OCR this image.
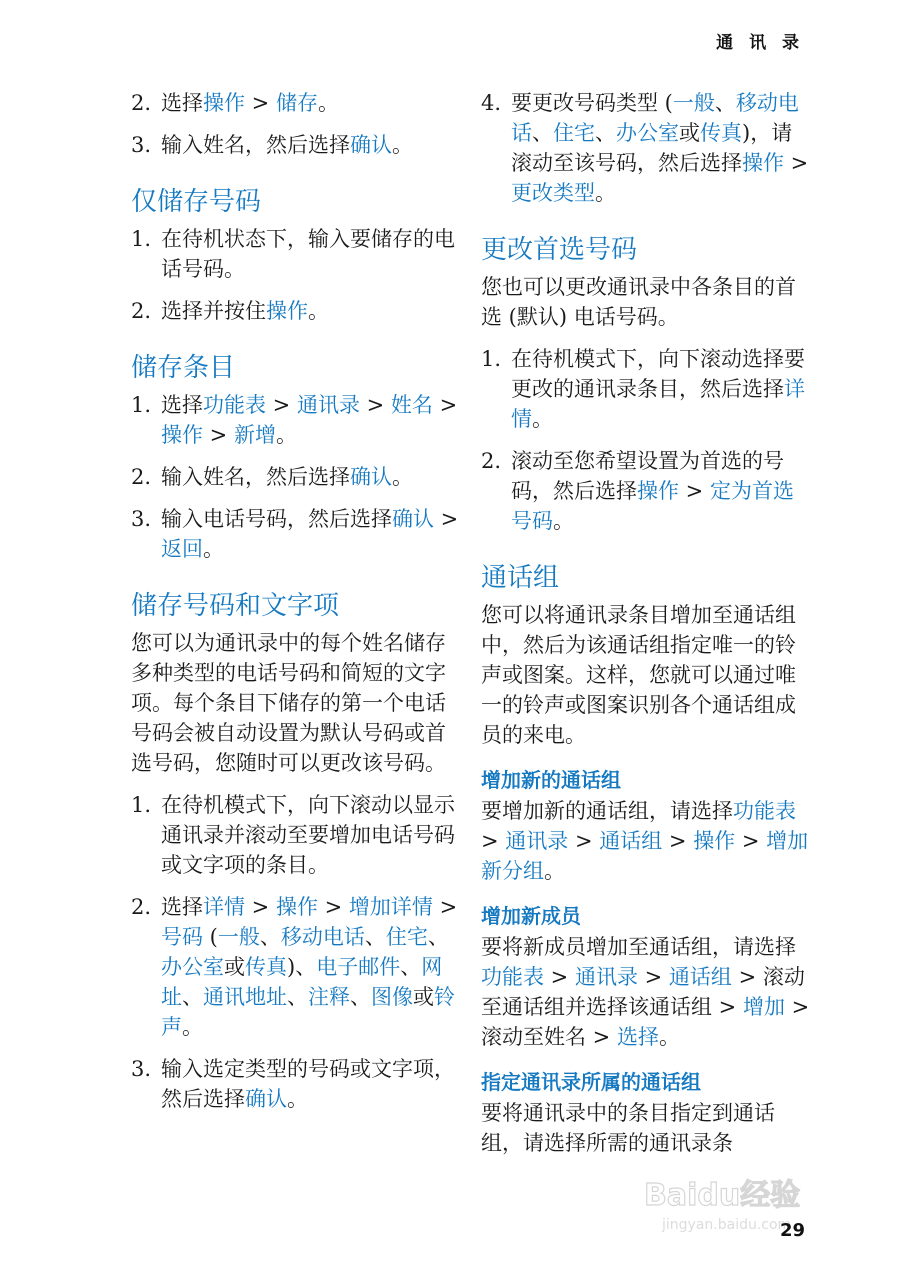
通 讯 录
2. 选择操作 > 储存。
3. 输入姓名，然后选择确认。
仅储存号码
1. 在待机状态下，输入要储存的电话号码。
2. 选择并按住操作。
储存条目
1. 选择功能表 > 通讯录 > 姓名 > 操作 > 新增。
2. 输入姓名，然后选择确认。
3. 输入电话号码，然后选择确认 > 返回。
储存号码和文字项
您可以为通讯录中的每个姓名储存多种类型的电话号码和简短的文字项。每个条目下储存的第一个电话号码会被自动设置为默认号码或首选号码，您随时可以更改该号码。
1. 在待机模式下，向下滚动以显示通讯录并滚动至要增加电话号码或文字项的条目。
2. 选择详情 > 操作 > 增加详情 > 号码 (一般、移动电话、住宅、办公室或传真)、电子邮件、网址、通讯地址、注释、图像或铃声。
3. 输入选定类型的号码或文字项，然后选择确认。
4. 要更改号码类型 (一般、移动电话、住宅、办公室或传真)，请滚动至该号码，然后选择操作 > 更改类型。
更改首选号码
您也可以更改通讯录中各条目的首选 (默认) 电话号码。
1. 在待机模式下，向下滚动选择要更改的通讯录条目，然后选择详情。
2. 滚动至您希望设置为首选的号码，然后选择操作 > 定为首选号码。
通话组
您可以将通讯录条目增加至通话组中，然后为该通话组指定唯一的铃声或图案。这样，您就可以通过唯一的铃声或图案识别各个通话组成员的来电。
增加新的通话组
要增加新的通话组，请选择功能表 > 通讯录 > 通话组 > 操作 > 增加新分组。
增加新成员
要将新成员增加至通话组，请选择功能表 > 通讯录 > 通话组 > 滚动至通话组并选择该通话组 > 增加 > 滚动至姓名 > 选择。
指定通讯录所属的通话组
要将通讯录中的条目指定到通话组，请选择所需的通讯录条
Baidu经验
jingyan.baidu.com
29
